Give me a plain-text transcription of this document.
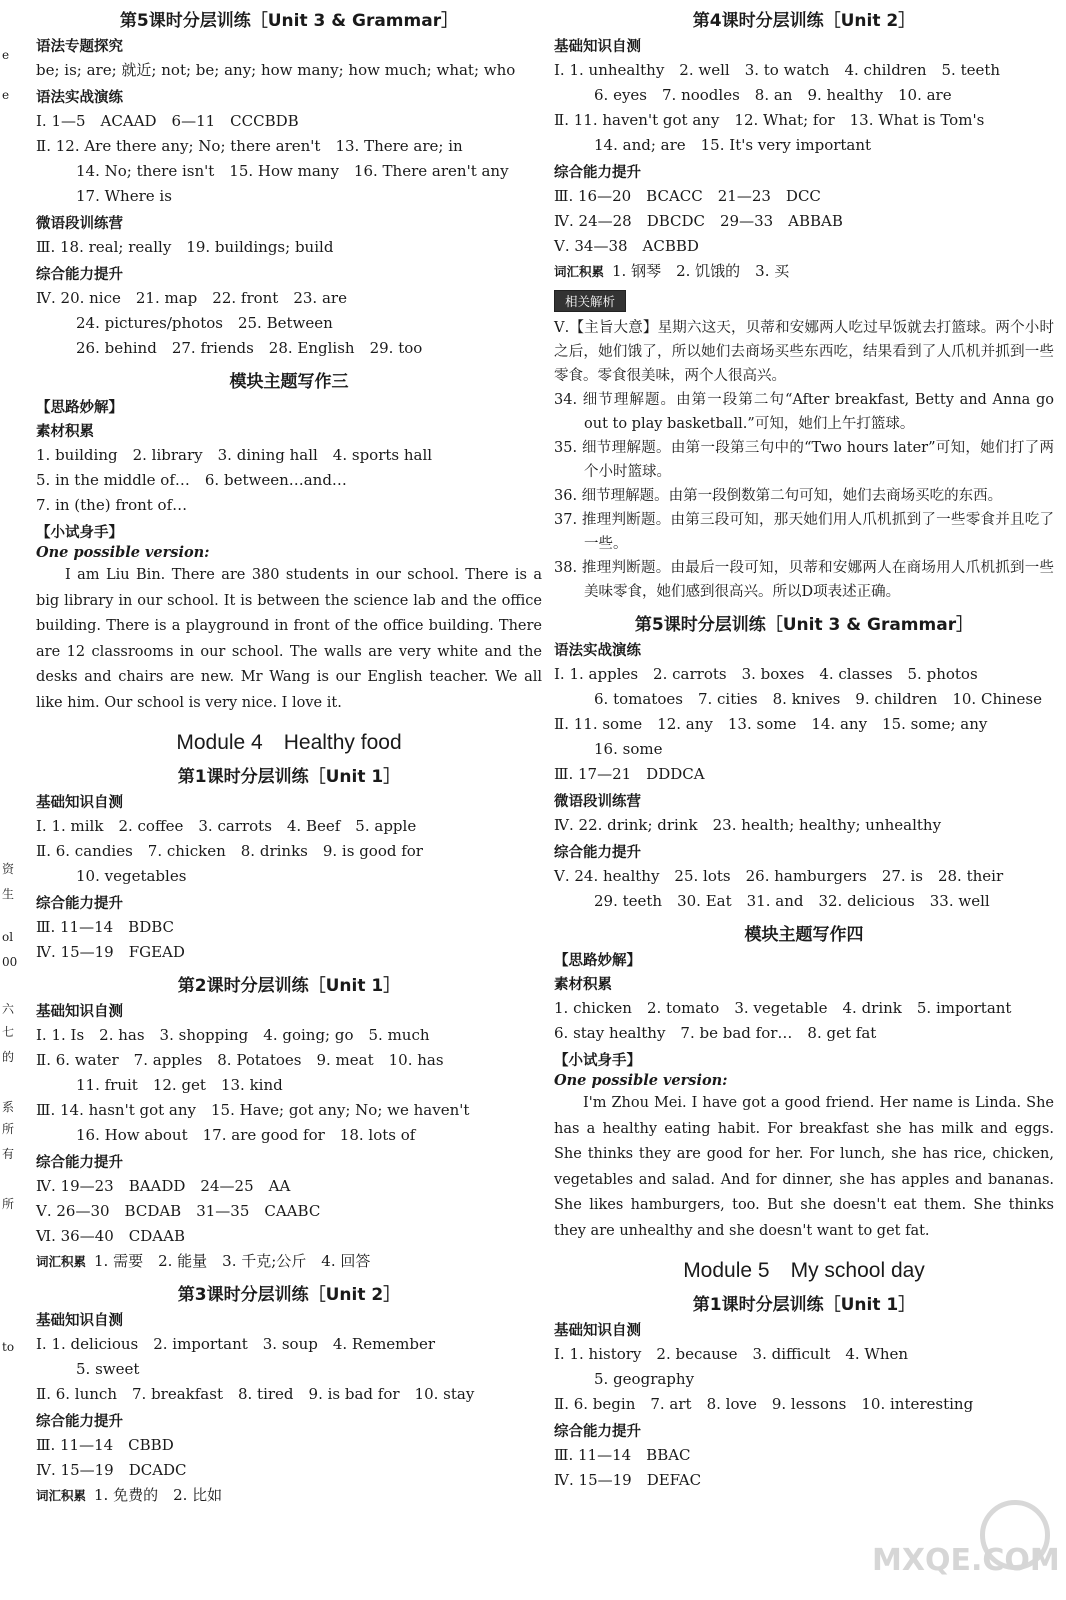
e
e
资
生
ol
00
六
七
的
系
所
有
所
to
第5课时分层训练［Unit 3 & Grammar］
语法专题探究
be; is; are; 就近; not; be; any; how many; how much; what; who
语法实战演练
Ⅰ. 1—5　ACAAD　6—11　CCCBDB
Ⅱ. 12. Are there any; No; there aren't　13. There are; in
14. No; there isn't　15. How many　16. There aren't any
17. Where is
微语段训练营
Ⅲ. 18. real; really　19. buildings; build
综合能力提升
Ⅳ. 20. nice　21. map　22. front　23. are
24. pictures/photos　25. Between
26. behind　27. friends　28. English　29. too
模块主题写作三
【思路妙解】
素材积累
1. building　2. library　3. dining hall　4. sports hall
5. in the middle of…　6. between…and…
7. in (the) front of…
【小试身手】
One possible version:
I am Liu Bin. There are 380 students in our school. There is a big library in our school. It is between the science lab and the office building. There is a playground in front of the office building. There are 12 classrooms in our school. The walls are very white and the desks and chairs are new. Mr Wang is our English teacher. We all like him. Our school is very nice. I love it.
Module 4　Healthy food
第1课时分层训练［Unit 1］
基础知识自测
Ⅰ. 1. milk　2. coffee　3. carrots　4. Beef　5. apple
Ⅱ. 6. candies　7. chicken　8. drinks　9. is good for
10. vegetables
综合能力提升
Ⅲ. 11—14　BDBC
Ⅳ. 15—19　FGEAD
第2课时分层训练［Unit 1］
基础知识自测
Ⅰ. 1. Is　2. has　3. shopping　4. going; go　5. much
Ⅱ. 6. water　7. apples　8. Potatoes　9. meat　10. has
11. fruit　12. get　13. kind
Ⅲ. 14. hasn't got any　15. Have; got any; No; we haven't
16. How about　17. are good for　18. lots of
综合能力提升
Ⅳ. 19—23　BAADD　24—25　AA
Ⅴ. 26—30　BCDAB　31—35　CAABC
Ⅵ. 36—40　CDAAB
词汇积累 1. 需要　2. 能量　3. 千克;公斤　4. 回答
第3课时分层训练［Unit 2］
基础知识自测
Ⅰ. 1. delicious　2. important　3. soup　4. Remember
5. sweet
Ⅱ. 6. lunch　7. breakfast　8. tired　9. is bad for　10. stay
综合能力提升
Ⅲ. 11—14　CBBD
Ⅳ. 15—19　DCADC
词汇积累 1. 免费的　2. 比如
第4课时分层训练［Unit 2］
基础知识自测
Ⅰ. 1. unhealthy　2. well　3. to watch　4. children　5. teeth
6. eyes　7. noodles　8. an　9. healthy　10. are
Ⅱ. 11. haven't got any　12. What; for　13. What is Tom's
14. and; are　15. It's very important
综合能力提升
Ⅲ. 16—20　BCACC　21—23　DCC
Ⅳ. 24—28　DBCDC　29—33　ABBAB
Ⅴ. 34—38　ACBBD
词汇积累 1. 钢琴　2. 饥饿的　3. 买
相关解析
Ⅴ.【主旨大意】星期六这天，贝蒂和安娜两人吃过早饭就去打篮球。两个小时之后，她们饿了，所以她们去商场买些东西吃，结果看到了人爪机并抓到一些零食。零食很美味，两个人很高兴。
34. 细节理解题。由第一段第二句“After breakfast, Betty and Anna go out to play basketball.”可知，她们上午打篮球。
35. 细节理解题。由第一段第三句中的“Two hours later”可知，她们打了两个小时篮球。
36. 细节理解题。由第一段倒数第二句可知，她们去商场买吃的东西。
37. 推理判断题。由第三段可知，那天她们用人爪机抓到了一些零食并且吃了一些。
38. 推理判断题。由最后一段可知，贝蒂和安娜两人在商场用人爪机抓到一些美味零食，她们感到很高兴。所以D项表述正确。
第5课时分层训练［Unit 3 & Grammar］
语法实战演练
Ⅰ. 1. apples　2. carrots　3. boxes　4. classes　5. photos
6. tomatoes　7. cities　8. knives　9. children　10. Chinese
Ⅱ. 11. some　12. any　13. some　14. any　15. some; any
16. some
Ⅲ. 17—21　DDDCA
微语段训练营
Ⅳ. 22. drink; drink　23. health; healthy; unhealthy
综合能力提升
Ⅴ. 24. healthy　25. lots　26. hamburgers　27. is　28. their
29. teeth　30. Eat　31. and　32. delicious　33. well
模块主题写作四
【思路妙解】
素材积累
1. chicken　2. tomato　3. vegetable　4. drink　5. important
6. stay healthy　7. be bad for…　8. get fat
【小试身手】
One possible version:
I'm Zhou Mei. I have got a good friend. Her name is Linda. She has a healthy eating habit. For breakfast she has milk and eggs. She thinks they are good for her. For lunch, she has rice, chicken, vegetables and salad. And for dinner, she has apples and bananas. She likes hamburgers, too. But she doesn't eat them. She thinks they are unhealthy and she doesn't want to get fat.
Module 5　My school day
第1课时分层训练［Unit 1］
基础知识自测
Ⅰ. 1. history　2. because　3. difficult　4. When
5. geography
Ⅱ. 6. begin　7. art　8. love　9. lessons　10. interesting
综合能力提升
Ⅲ. 11—14　BBAC
Ⅳ. 15—19　DEFAC
MXQE.COM
